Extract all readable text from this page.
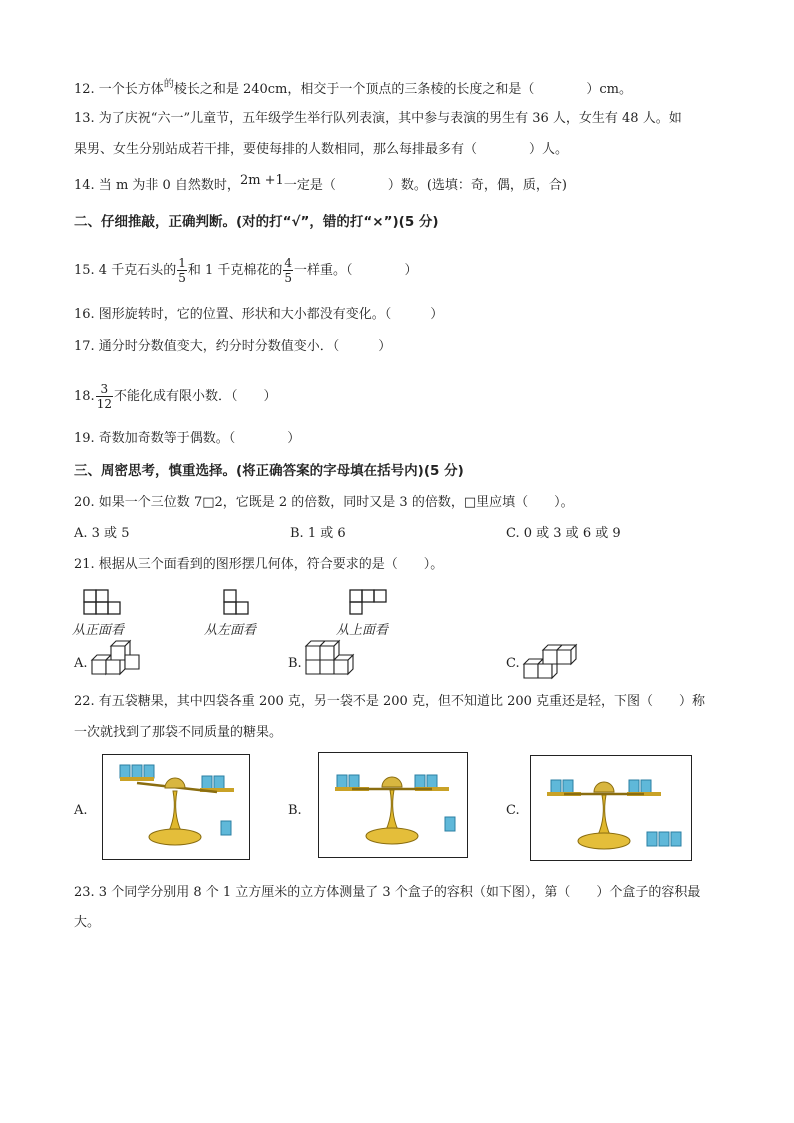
12. 一个长方体$^的$棱长之和是 240cm，相交于一个顶点的三条棱的长度之和是（　　　　）cm。
13. 为了庆祝“六一”儿童节，五年级学生举行队列表演，其中参与表演的男生有 36 人，女生有 48 人。如
果男、女生分别站成若干排，要使每排的人数相同，那么每排最多有（　　　　）人。
14. 当 m 为非 0 自然数时，2m +1一定是（　　　　）数。(选填：奇，偶，质，合)
二、仔细推敲，正确判断。(对的打“√”，错的打“×”)(5 分)
15. 4 千克石头的 $\frac{1}{5}$ 和 1 千克棉花的 $\frac{4}{5}$ 一样重。（　　　　）
16. 图形旋转时，它的位置、形状和大小都没有变化。（　　　）
17. 通分时分数值变大，约分时分数值变小．（　　　）
18. $\frac{3}{12}$ 不能化成有限小数．（　　）
19. 奇数加奇数等于偶数。（　　　　）
三、周密思考，慎重选择。(将正确答案的字母填在括号内)(5 分)
20. 如果一个三位数 7□2，它既是 2 的倍数，同时又是 3 的倍数，□里应填（　　）。
A. 3 或 5	B. 1 或 6	C. 0 或 3 或 6 或 9
21. 根据从三个面看到的图形摆几何体，符合要求的是（　　）。
从正面看	从左面看	从上面看
A.	B.	C.
22. 有五袋糖果，其中四袋各重 200 克，另一袋不是 200 克，但不知道比 200 克重还是轻，下图（　　）称
一次就找到了那袋不同质量的糖果。
A.	B.	C.
23. 3 个同学分别用 8 个 1 立方厘米的立方体测量了 3 个盒子的容积（如下图），第（　　）个盒子的容积最
大。
